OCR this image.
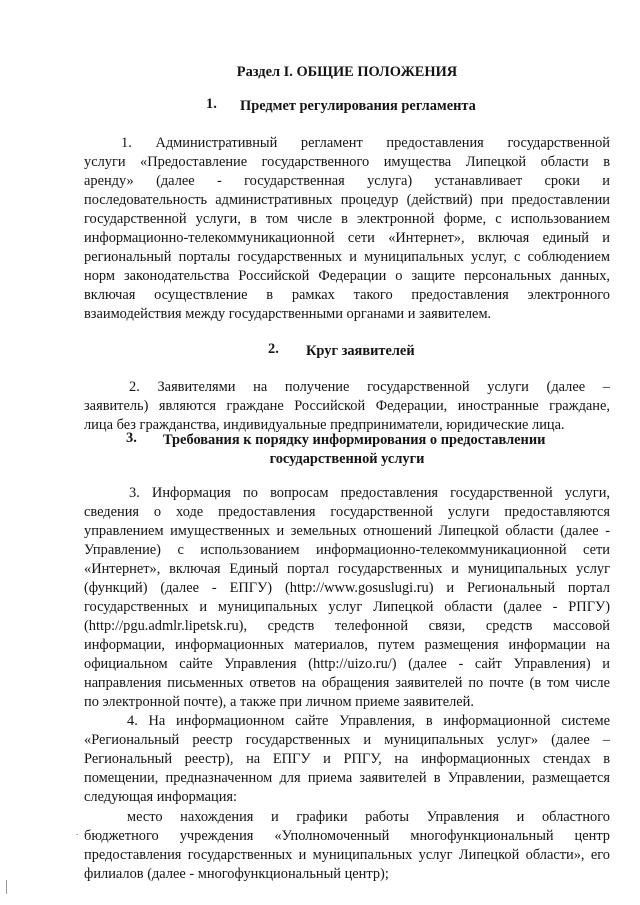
Раздел I. ОБЩИЕ ПОЛОЖЕНИЯ
1. Предмет регулирования регламента
1. Административный регламент предоставления государственной
услуги «Предоставление государственного имущества Липецкой области в
аренду» (далее - государственная услуга) устанавливает сроки и
последовательность административных процедур (действий) при предоставлении
государственной услуги, в том числе в электронной форме, с использованием
информационно-телекоммуникационной сети «Интернет», включая единый и
региональный порталы государственных и муниципальных услуг, с соблюдением
норм законодательства Российской Федерации о защите персональных данных,
включая осуществление в рамках такого предоставления электронного
взаимодействия между государственными органами и заявителем.
2. Круг заявителей
2. Заявителями на получение государственной услуги (далее –
заявитель) являются граждане Российской Федерации, иностранные граждане,
лица без гражданства, индивидуальные предприниматели, юридические лица.
3. Требования к порядку информирования о предоставлении
государственной услуги
3. Информация по вопросам предоставления государственной услуги,
сведения о ходе предоставления государственной услуги предоставляются
управлением имущественных и земельных отношений Липецкой области (далее -
Управление) с использованием информационно-телекоммуникационной сети
«Интернет», включая Единый портал государственных и муниципальных услуг
(функций) (далее - ЕПГУ) (http://www.gosuslugi.ru) и Региональный портал
государственных и муниципальных услуг Липецкой области (далее - РПГУ)
(http://pgu.admlr.lipetsk.ru), средств телефонной связи, средств массовой
информации, информационных материалов, путем размещения информации на
официальном сайте Управления (http://uizo.ru/) (далее - сайт Управления) и
направления письменных ответов на обращения заявителей по почте (в том числе
по электронной почте), а также при личном приеме заявителей.
4. На информационном сайте Управления, в информационной системе
«Региональный реестр государственных и муниципальных услуг» (далее –
Региональный реестр), на ЕПГУ и РПГУ, на информационных стендах в
помещении, предназначенном для приема заявителей в Управлении, размещается
следующая информация:
место нахождения и графики работы Управления и областного
бюджетного учреждения «Уполномоченный многофункциональный центр
предоставления государственных и муниципальных услуг Липецкой области», его
филиалов (далее - многофункциональный центр);
.
